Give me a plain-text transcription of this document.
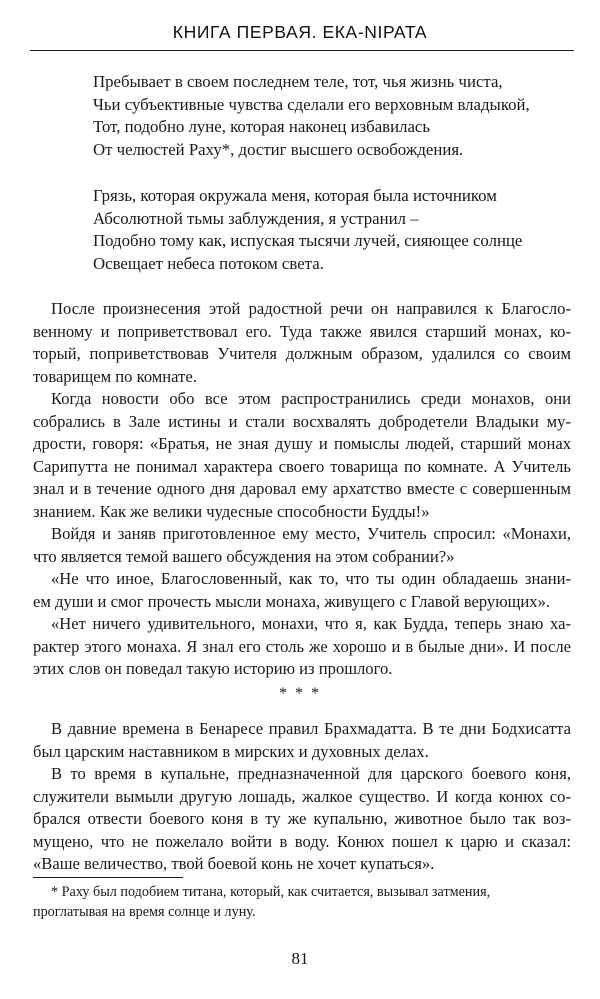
КНИГА ПЕРВАЯ. ЕКА-NIPATA
Пребывает в своем последнем теле, тот, чья жизнь чиста,
Чьи субъективные чувства сделали его верховным владыкой,
Тот, подобно луне, которая наконец избавилась
От челюстей Раху*, достиг высшего освобождения.
Грязь, которая окружала меня, которая была источником
Абсолютной тьмы заблуждения, я устранил –
Подобно тому как, испуская тысячи лучей, сияющее солнце
Освещает небеса потоком света.
После произнесения этой радостной речи он направился к Благосло-
венному и поприветствовал его. Туда также явился старший монах, ко-
торый, поприветствовав Учителя должным образом, удалился со своим
товарищем по комнате.
Когда новости обо все этом распространились среди монахов, они
собрались в Зале истины и стали восхвалять добродетели Владыки му-
дрости, говоря: «Братья, не зная душу и помыслы людей, старший монах
Сарипутта не понимал характера своего товарища по комнате. А Учитель
знал и в течение одного дня даровал ему архатство вместе с совершенным
знанием. Как же велики чудесные способности Будды!»
Войдя и заняв приготовленное ему место, Учитель спросил: «Монахи,
что является темой вашего обсуждения на этом собрании?»
«Не что иное, Благословенный, как то, что ты один обладаешь знани-
ем души и смог прочесть мысли монаха, живущего с Главой верующих».
«Нет ничего удивительного, монахи, что я, как Будда, теперь знаю ха-
рактер этого монаха. Я знал его столь же хорошо и в былые дни». И после
этих слов он поведал такую историю из прошлого.
* * *
В давние времена в Бенаресе правил Брахмадатта. В те дни Бодхисатта
был царским наставником в мирских и духовных делах.
В то время в купальне, предназначенной для царского боевого коня,
служители вымыли другую лошадь, жалкое существо. И когда конюх со-
брался отвести боевого коня в ту же купальню, животное было так воз-
мущено, что не пожелало войти в воду. Конюх пошел к царю и сказал:
«Ваше величество, твой боевой конь не хочет купаться».
* Раху был подобием титана, который, как считается, вызывал затмения,
проглатывая на время солнце и луну.
81
